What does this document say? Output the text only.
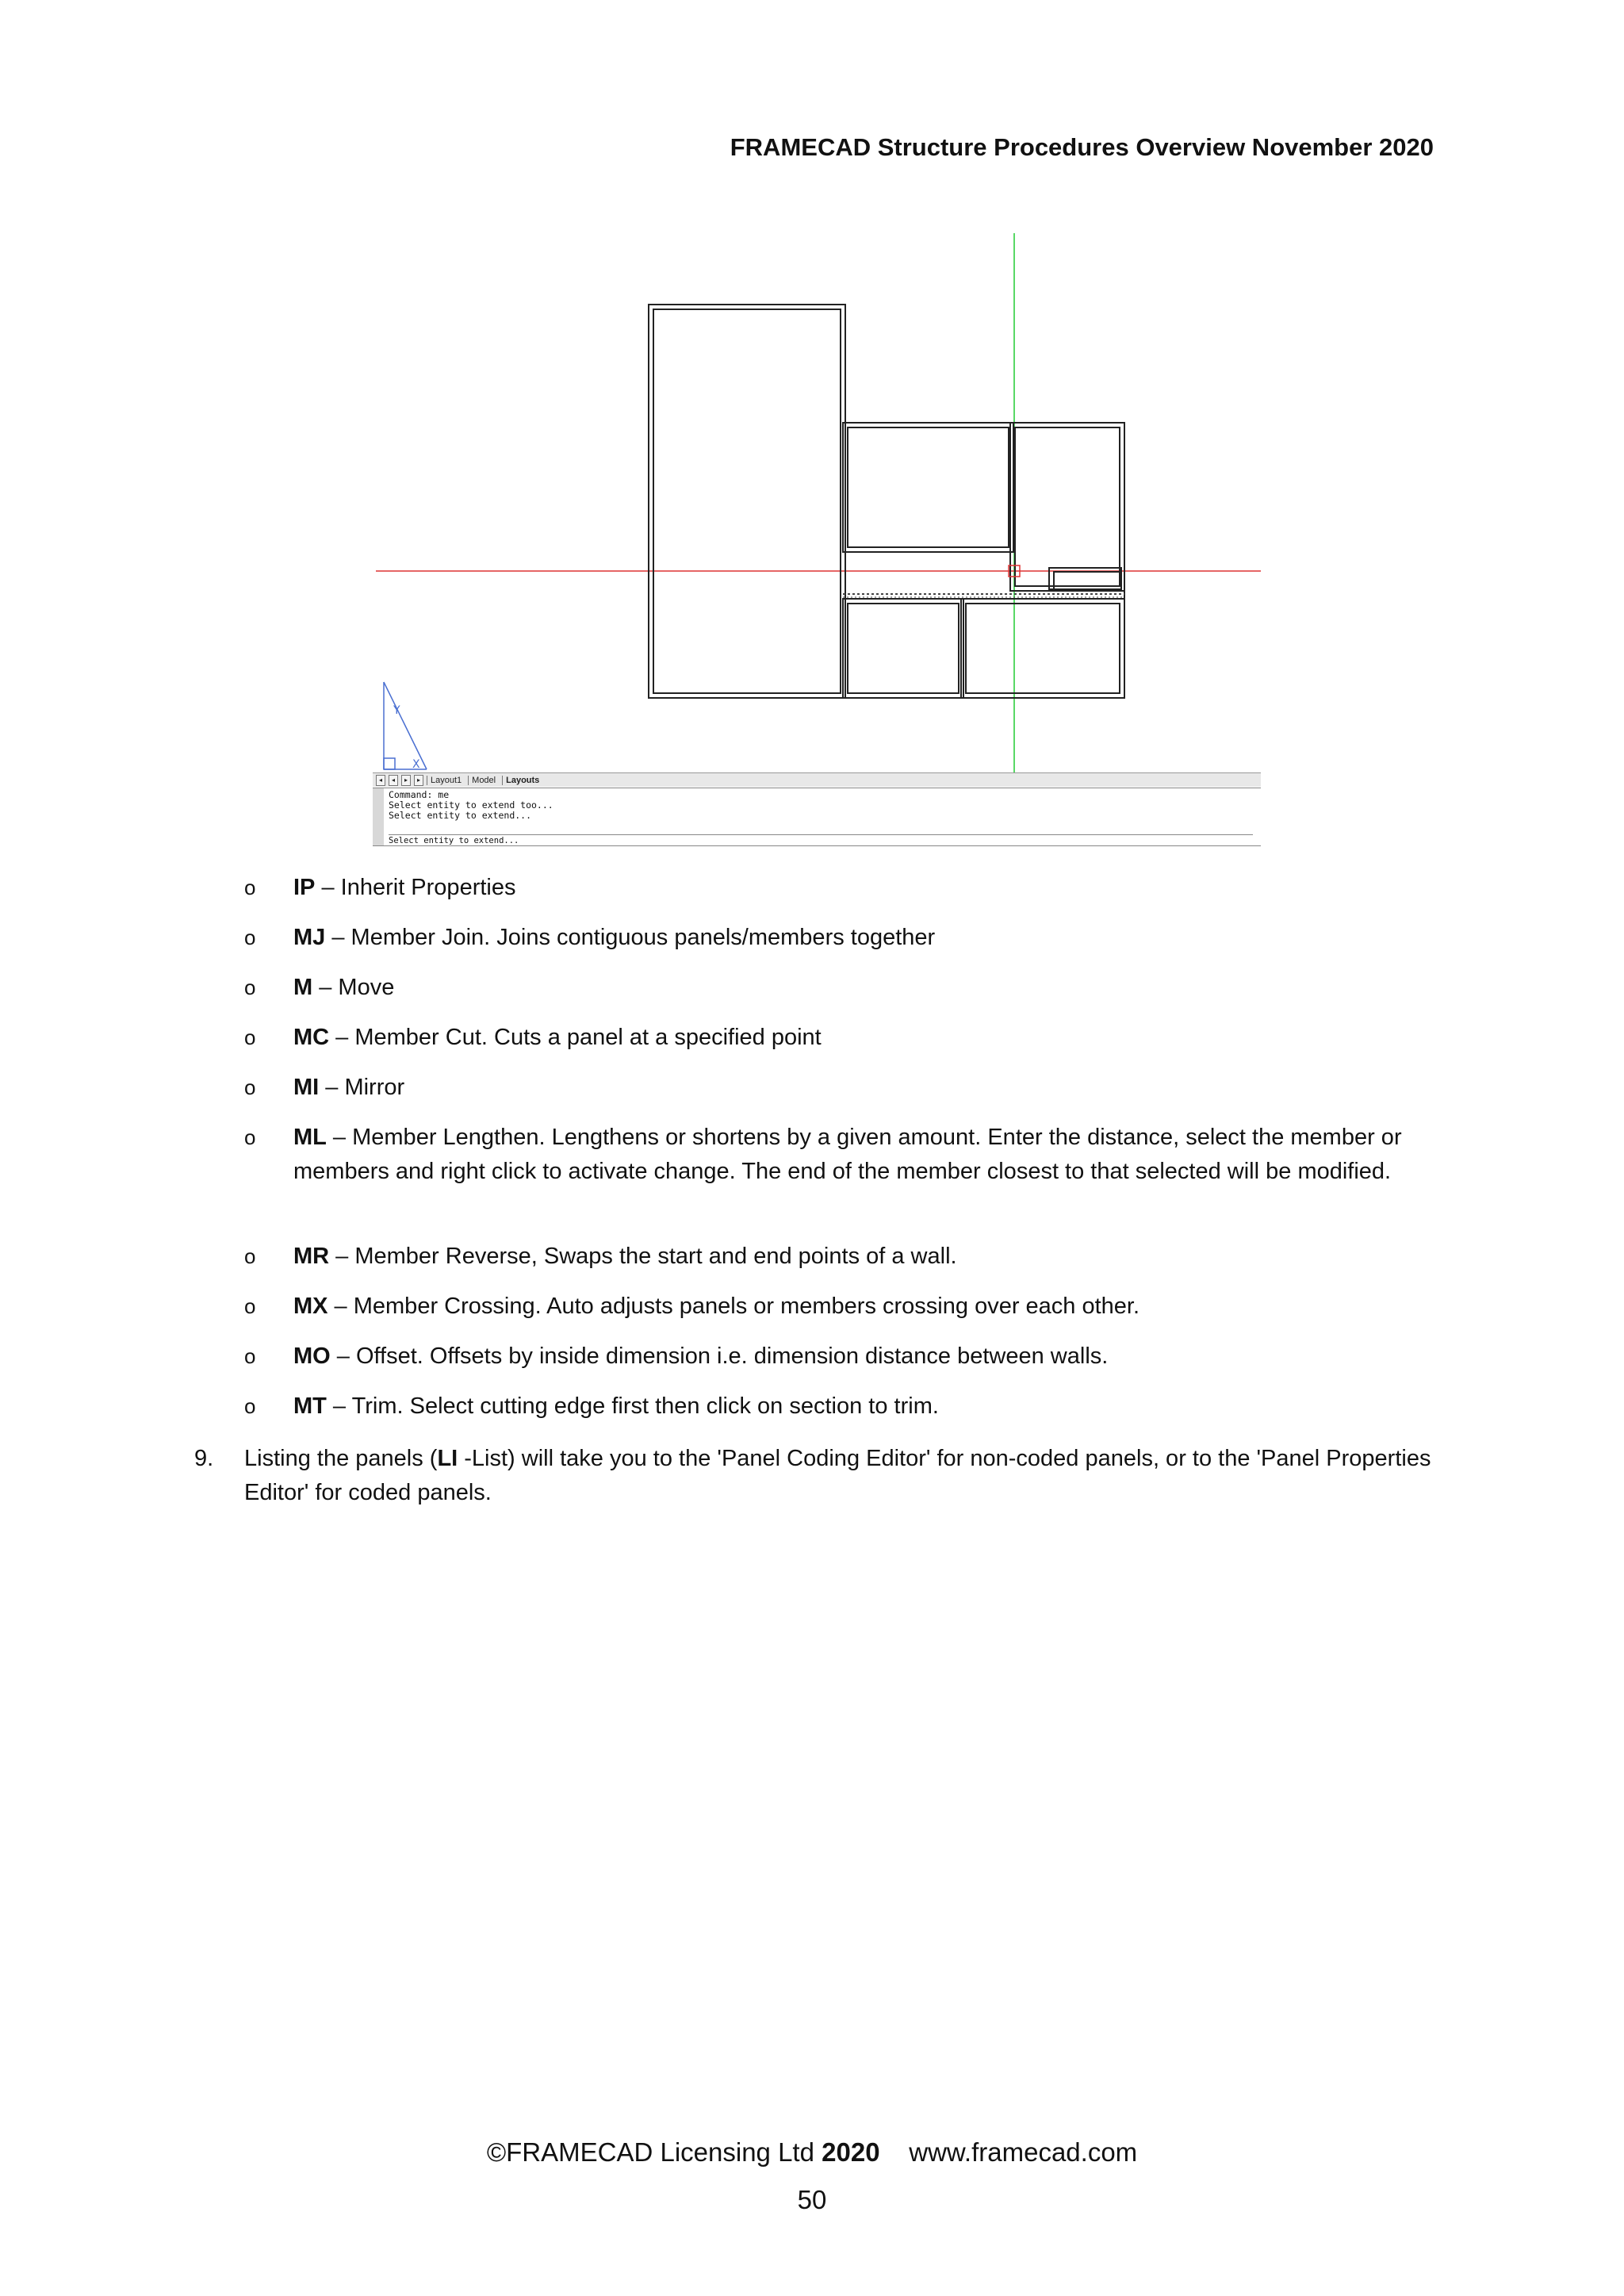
FRAMECAD Structure Procedures Overview November 2020
Y
X
◂	◂	▸	▸	Layout1	Model	Layouts
Command: me
Select entity to extend too...
Select entity to extend...
Select entity to extend...
o IP – Inherit Properties
o MJ – Member Join. Joins contiguous panels/members together
o M – Move
o MC – Member Cut. Cuts a panel at a specified point
o MI – Mirror
o ML – Member Lengthen. Lengthens or shortens by a given amount. Enter the distance, select the member or members and right click to activate change. The end of the member closest to that selected will be modified.
o MR – Member Reverse, Swaps the start and end points of a wall.
o MX – Member Crossing. Auto adjusts panels or members crossing over each other.
o MO – Offset. Offsets by inside dimension i.e. dimension distance between walls.
o MT – Trim. Select cutting edge first then click on section to trim.
9. Listing the panels (LI -List) will take you to the 'Panel Coding Editor' for non-coded panels, or to the 'Panel Properties Editor' for coded panels.
©FRAMECAD Licensing Ltd 2020 www.framecad.com
50
